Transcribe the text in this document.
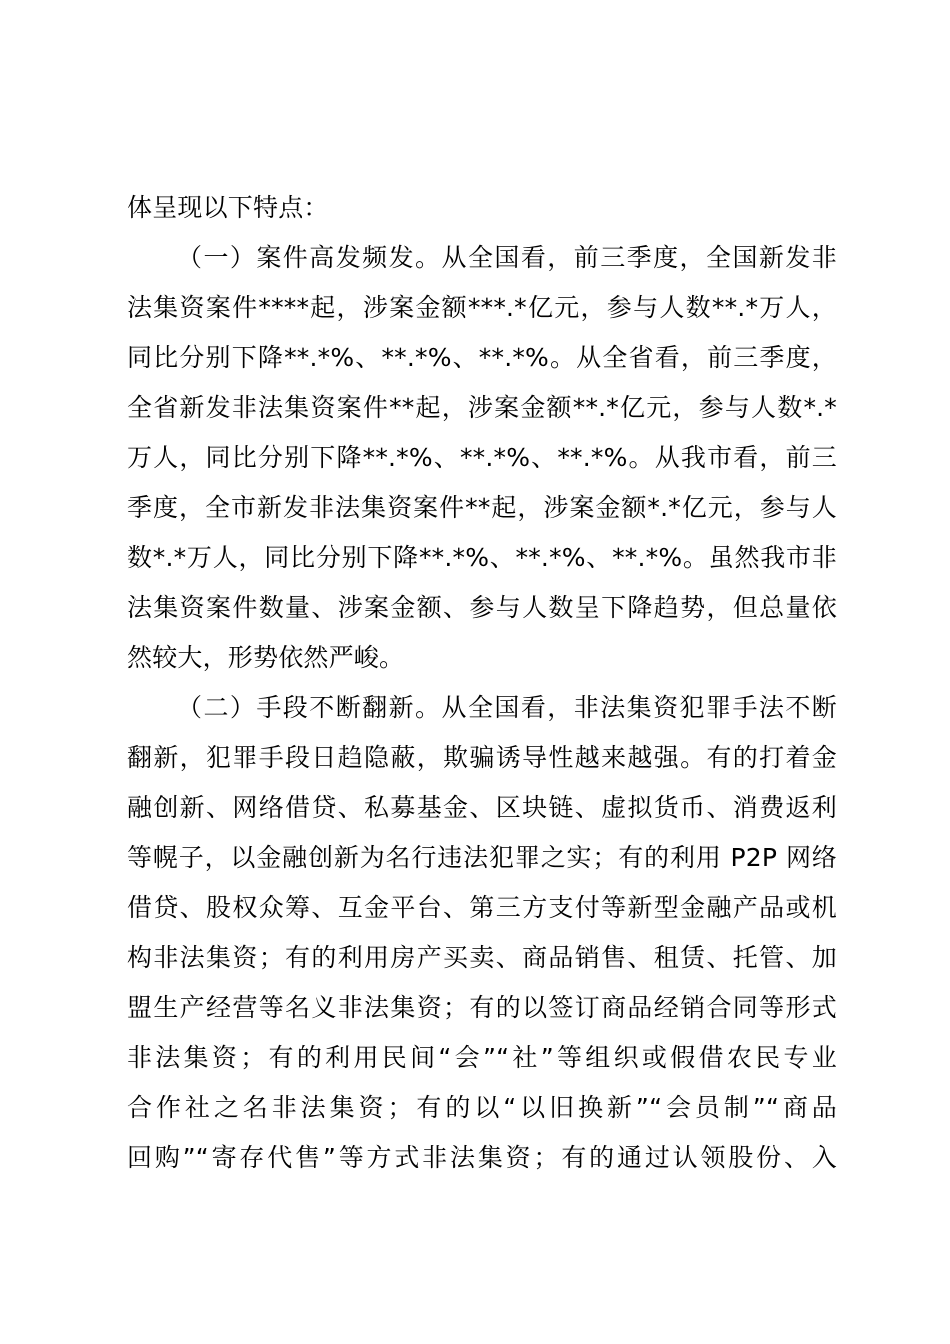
体呈现以下特点：
（一）案件高发频发。从全国看，前三季度，全国新发非
法集资案件****起，涉案金额***.*亿元，参与人数**.*万人，
同比分别下降**.*%、**.*%、**.*%。从全省看，前三季度，
全省新发非法集资案件**起，涉案金额**.*亿元，参与人数*.*
万人，同比分别下降**.*%、**.*%、**.*%。从我市看，前三
季度，全市新发非法集资案件**起，涉案金额*.*亿元，参与人
数*.*万人，同比分别下降**.*%、**.*%、**.*%。虽然我市非
法集资案件数量、涉案金额、参与人数呈下降趋势，但总量依
然较大，形势依然严峻。
（二）手段不断翻新。从全国看，非法集资犯罪手法不断
翻新，犯罪手段日趋隐蔽，欺骗诱导性越来越强。有的打着金
融创新、网络借贷、私募基金、区块链、虚拟货币、消费返利
等幌子，以金融创新为名行违法犯罪之实；有的利用 P2P 网络
借贷、股权众筹、互金平台、第三方支付等新型金融产品或机
构非法集资；有的利用房产买卖、商品销售、租赁、托管、加
盟生产经营等名义非法集资；有的以签订商品经销合同等形式
非法集资；有的利用民间“会”“社”等组织或假借农民专业
合作社之名非法集资；有的以“以旧换新”“会员制”“商品
回购”“寄存代售”等方式非法集资；有的通过认领股份、入
